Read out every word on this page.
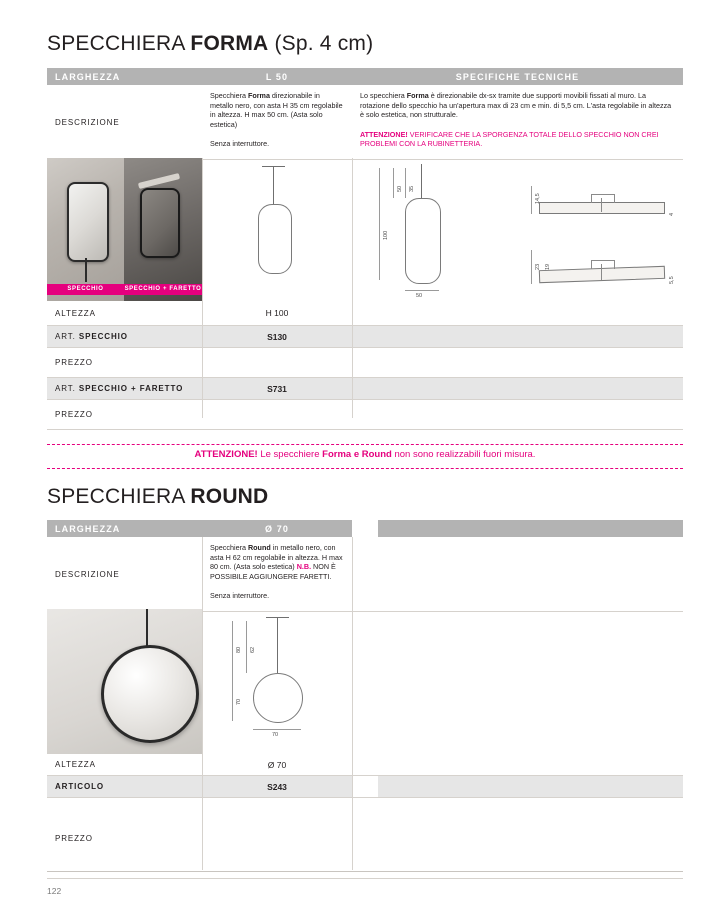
SPECCHIERA FORMA (Sp. 4 cm)
LARGHEZZA	L 50	SPECIFICHE TECNICHE
DESCRIZIONE	Specchiera Forma direzionabile in metallo nero, con asta H 35 cm regolabile in altezza. H max 50 cm. (Asta solo estetica)
Senza interruttore.
	Lo specchiera Forma è direzionabile dx-sx tramite due supporti movibili fissati al muro. La rotazione dello specchio ha un'apertura max di 23 cm e min. di 5,5 cm. L'asta regolabile in altezza è solo estetica, non strutturale.
ATTENZIONE! VERIFICARE CHE LA SPORGENZA TOTALE DELLO SPECCHIO NON CREI PROBLEMI CON LA RUBINETTERIA.
SPECCHIO	SPECCHIO + FARETTO
50 35
100
50
14,5
4
23 19
5,5
ALTEZZA	H 100	
ART. SPECCHIO	S130	
PREZZO		
ART. SPECCHIO + FARETTO	S731	
PREZZO		
ATTENZIONE! Le specchiere Forma e Round non sono realizzabili fuori misura.
SPECCHIERA ROUND
LARGHEZZA	Ø 70		
DESCRIZIONE	Specchiera Round in metallo nero, con asta H 62 cm regolabile in altezza. H max 80 cm. (Asta solo estetica) N.B. NON È POSSIBILE AGGIUNGERE FARETTI.
Senza interruttore.

80 62
70
70
ALTEZZA	Ø 70		
ARTICOLO	S243		
PREZZO			
122
